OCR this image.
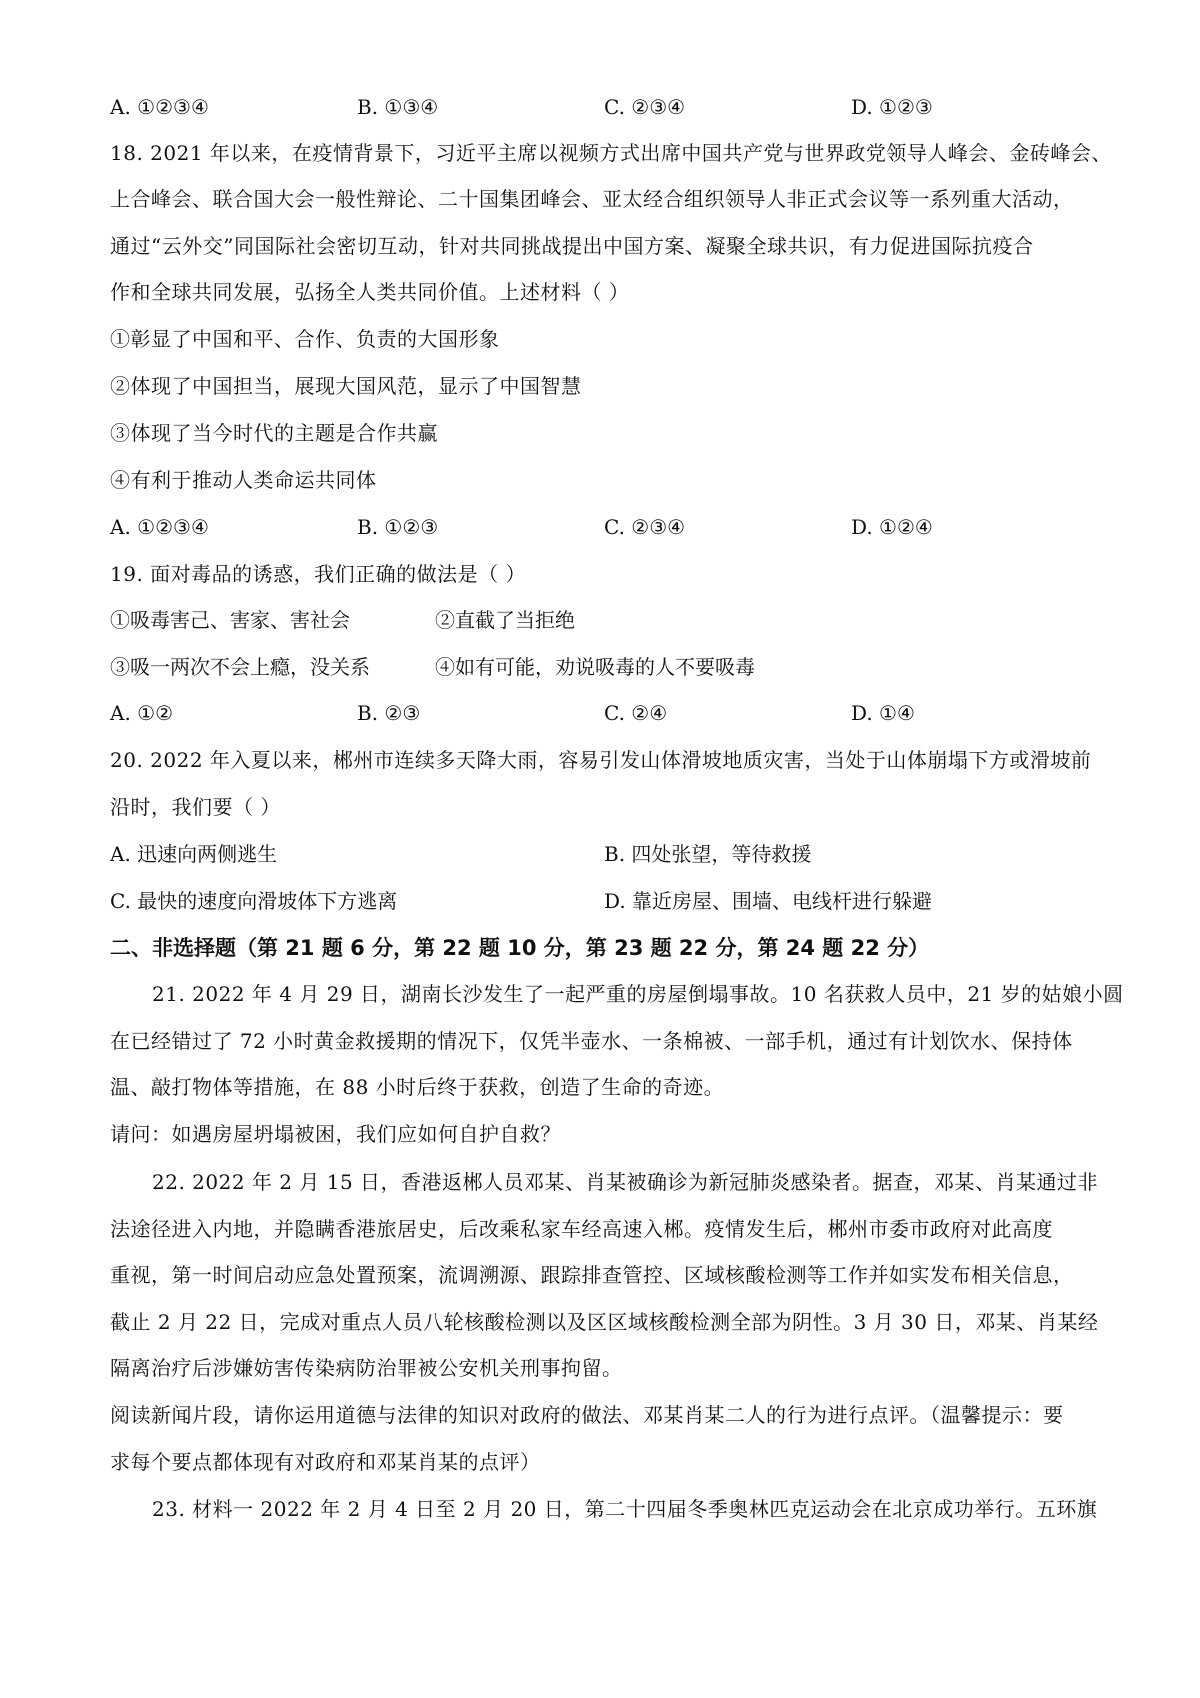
A. ①②③④	B. ①③④	C. ②③④	D. ①②③
18. 2021 年以来，在疫情背景下，习近平主席以视频方式出席中国共产党与世界政党领导人峰会、金砖峰会、
上合峰会、联合国大会一般性辩论、二十国集团峰会、亚太经合组织领导人非正式会议等一系列重大活动，
通过“云外交”同国际社会密切互动，针对共同挑战提出中国方案、凝聚全球共识，有力促进国际抗疫合
作和全球共同发展，弘扬全人类共同价值。上述材料（ ）
①彰显了中国和平、合作、负责的大国形象
②体现了中国担当，展现大国风范，显示了中国智慧
③体现了当今时代的主题是合作共赢
④有利于推动人类命运共同体
A. ①②③④	B. ①②③	C. ②③④	D. ①②④
19. 面对毒品的诱惑，我们正确的做法是（ ）
①吸毒害己、害家、害社会	②直截了当拒绝
③吸一两次不会上瘾，没关系	④如有可能，劝说吸毒的人不要吸毒
A. ①②	B. ②③	C. ②④	D. ①④
20. 2022 年入夏以来，郴州市连续多天降大雨，容易引发山体滑坡地质灾害，当处于山体崩塌下方或滑坡前
沿时，我们要（ ）
A. 迅速向两侧逃生	B. 四处张望，等待救援
C. 最快的速度向滑坡体下方逃离	D. 靠近房屋、围墙、电线杆进行躲避
二、非选择题（第 21 题 6 分，第 22 题 10 分，第 23 题 22 分，第 24 题 22 分）
21. 2022 年 4 月 29 日，湖南长沙发生了一起严重的房屋倒塌事故。10 名获救人员中，21 岁的姑娘小圆
在已经错过了 72 小时黄金救援期的情况下，仅凭半壶水、一条棉被、一部手机，通过有计划饮水、保持体
温、敲打物体等措施，在 88 小时后终于获救，创造了生命的奇迹。
请问：如遇房屋坍塌被困，我们应如何自护自救？
22. 2022 年 2 月 15 日，香港返郴人员邓某、肖某被确诊为新冠肺炎感染者。据查，邓某、肖某通过非
法途径进入内地，并隐瞒香港旅居史，后改乘私家车经高速入郴。疫情发生后，郴州市委市政府对此高度
重视，第一时间启动应急处置预案，流调溯源、跟踪排查管控、区域核酸检测等工作并如实发布相关信息，
截止 2 月 22 日，完成对重点人员八轮核酸检测以及区区域核酸检测全部为阴性。3 月 30 日，邓某、肖某经
隔离治疗后涉嫌妨害传染病防治罪被公安机关刑事拘留。
阅读新闻片段，请你运用道德与法律的知识对政府的做法、邓某肖某二人的行为进行点评。（温馨提示：要
求每个要点都体现有对政府和邓某肖某的点评）
23. 材料一 2022 年 2 月 4 日至 2 月 20 日，第二十四届冬季奥林匹克运动会在北京成功举行。五环旗
